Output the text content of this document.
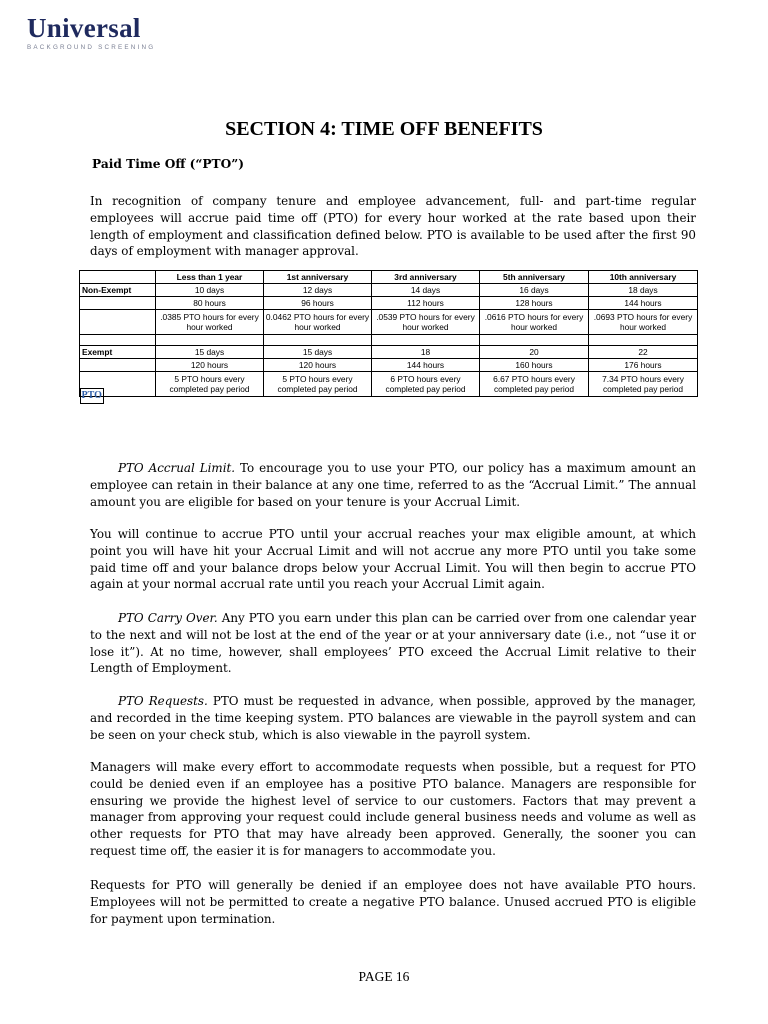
Universal
BACKGROUND SCREENING
SECTION 4: TIME OFF BENEFITS
Paid Time Off (“PTO”)

In recognition of company tenure and employee advancement, full- and part-time regular employees will accrue paid time off (PTO) for every hour worked at the rate based upon their length of employment and classification defined below. PTO is available to be used after the first 90 days of employment with manager approval.

PTO
	Less than 1 year	1st anniversary	3rd anniversary	5th anniversary	10th anniversary
Non-Exempt	10 days	12 days	14 days	16 days	18 days
	80 hours	96 hours	112 hours	128 hours	144 hours
	.0385 PTO hours for every hour worked	0.0462 PTO hours for every hour worked	.0539 PTO hours for every hour worked	.0616 PTO hours for every hour worked	.0693 PTO hours for every hour worked

Exempt	15 days	15 days	18	20	22
	120 hours	120 hours	144 hours	160 hours	176 hours
	5 PTO hours every completed pay period	5 PTO hours every completed pay period	6 PTO hours every completed pay period	6.67 PTO hours every completed pay period	7.34 PTO hours every completed pay period

PTO Accrual Limit. To encourage you to use your PTO, our policy has a maximum amount an employee can retain in their balance at any one time, referred to as the “Accrual Limit.” The annual amount you are eligible for based on your tenure is your Accrual Limit.

You will continue to accrue PTO until your accrual reaches your max eligible amount, at which point you will have hit your Accrual Limit and will not accrue any more PTO until you take some paid time off and your balance drops below your Accrual Limit. You will then begin to accrue PTO again at your normal accrual rate until you reach your Accrual Limit again.

PTO Carry Over. Any PTO you earn under this plan can be carried over from one calendar year to the next and will not be lost at the end of the year or at your anniversary date (i.e., not “use it or lose it”). At no time, however, shall employees’ PTO exceed the Accrual Limit relative to their Length of Employment.

PTO Requests. PTO must be requested in advance, when possible, approved by the manager, and recorded in the time keeping system. PTO balances are viewable in the payroll system and can be seen on your check stub, which is also viewable in the payroll system.

Managers will make every effort to accommodate requests when possible, but a request for PTO could be denied even if an employee has a positive PTO balance. Managers are responsible for ensuring we provide the highest level of service to our customers. Factors that may prevent a manager from approving your request could include general business needs and volume as well as other requests for PTO that may have already been approved. Generally, the sooner you can request time off, the easier it is for managers to accommodate you.

Requests for PTO will generally be denied if an employee does not have available PTO hours. Employees will not be permitted to create a negative PTO balance. Unused accrued PTO is eligible for payment upon termination.

PAGE 16
